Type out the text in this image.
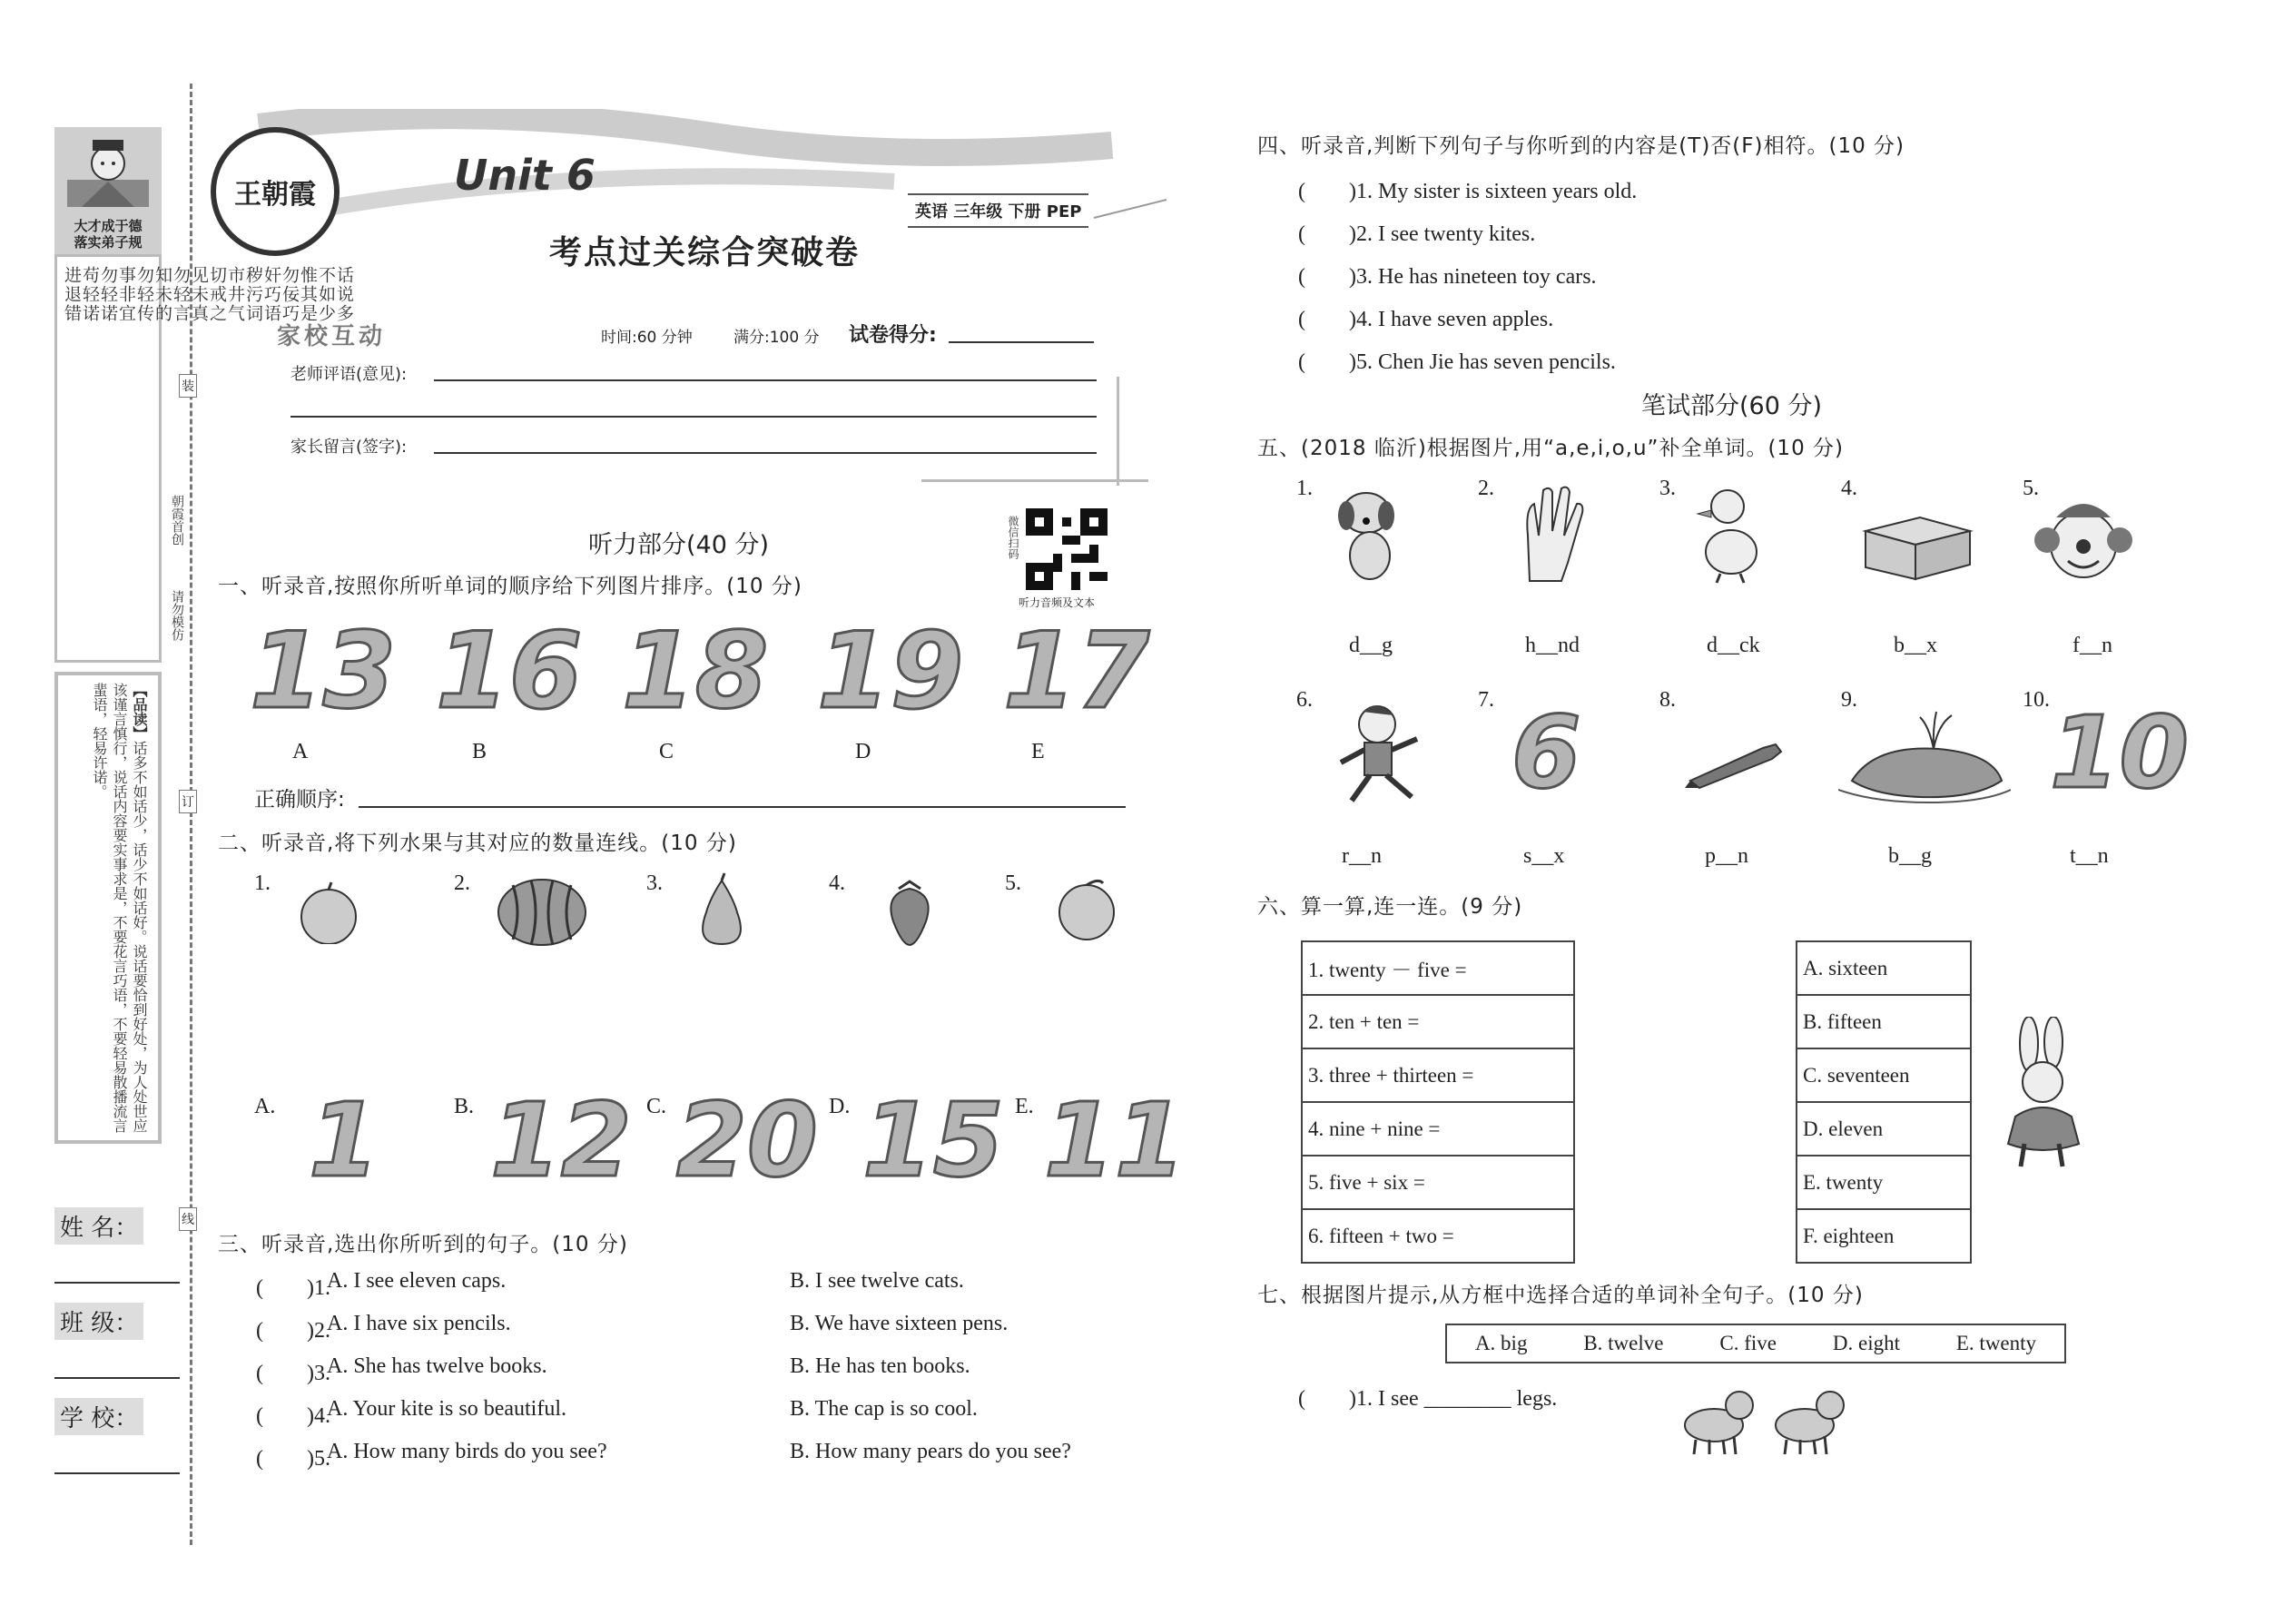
大才成于德
落实弟子规
话说多
不如少
惟其是
勿佞巧
奸巧语
秽污词
市井气
切戒之
见未真
勿轻言
知未的
勿轻传
事非宜
勿轻诺
苟轻诺
进退错
【品读】话多不如话少，话少不如话好。说话要恰到好处，为人处世应该谨言慎行，说话内容要实事求是，不要花言巧语，不要轻易散播流言蜚语，轻易许诺。
朝霞首创
请勿模仿
装
订
线
姓 名：
班 级：
学 校：
王朝霞	Unit 6
考点过关综合突破卷
英语 三年级 下册 PEP
家校互动	时间:60 分钟	满分:100 分 试卷得分:
老师评语(意见):
家长留言(签字):
微信扫码
听力音频及文本
听力部分(40 分)
一、听录音,按照你所听单词的顺序给下列图片排序。(10 分)
13 16 18 19 17
A	B	C	D	E
正确顺序:
二、听录音,将下列水果与其对应的数量连线。(10 分)
1.	2.	3.	4.	5.
A.	B.	C.	D.	E.
1 12 20 15 11
三、听录音,选出你所听到的句子。(10 分)
(　　)1.
A. I see eleven caps.	B. I see twelve cats.
(　　)2.
A. I have six pencils.	B. We have sixteen pens.
(　　)3.
A. She has twelve books.	B. He has ten books.
(　　)4.
A. Your kite is so beautiful.	B. The cap is so cool.
(　　)5.
A. How many birds do you see?	B. How many pears do you see?
四、听录音,判断下列句子与你听到的内容是(T)否(F)相符。(10 分)
(　　)1. My sister is sixteen years old.
(　　)2. I see twenty kites.
(　　)3. He has nineteen toy cars.
(　　)4. I have seven apples.
(　　)5. Chen Jie has seven pencils.
笔试部分(60 分)
五、(2018 临沂)根据图片,用“a,e,i,o,u”补全单词。(10 分)
1.	2.	3.	4.	5.
d__g	h__nd	d__ck	b__x	f__n
6.	7.	8.	9.	10.
6	10
r__n	s__x	p__n	b__g	t__n
六、算一算,连一连。(9 分)
1. twenty － five =
2. ten + ten =
3. three + thirteen =
4. nine + nine =
5. five + six =
6. fifteen + two =
A. sixteen
B. fifteen
C. seventeen
D. eleven
E. twenty
F. eighteen
七、根据图片提示,从方框中选择合适的单词补全句子。(10 分)
A. big	B. twelve	C. five	D. eight	E. twenty
(　　)1. I see ________ legs.
